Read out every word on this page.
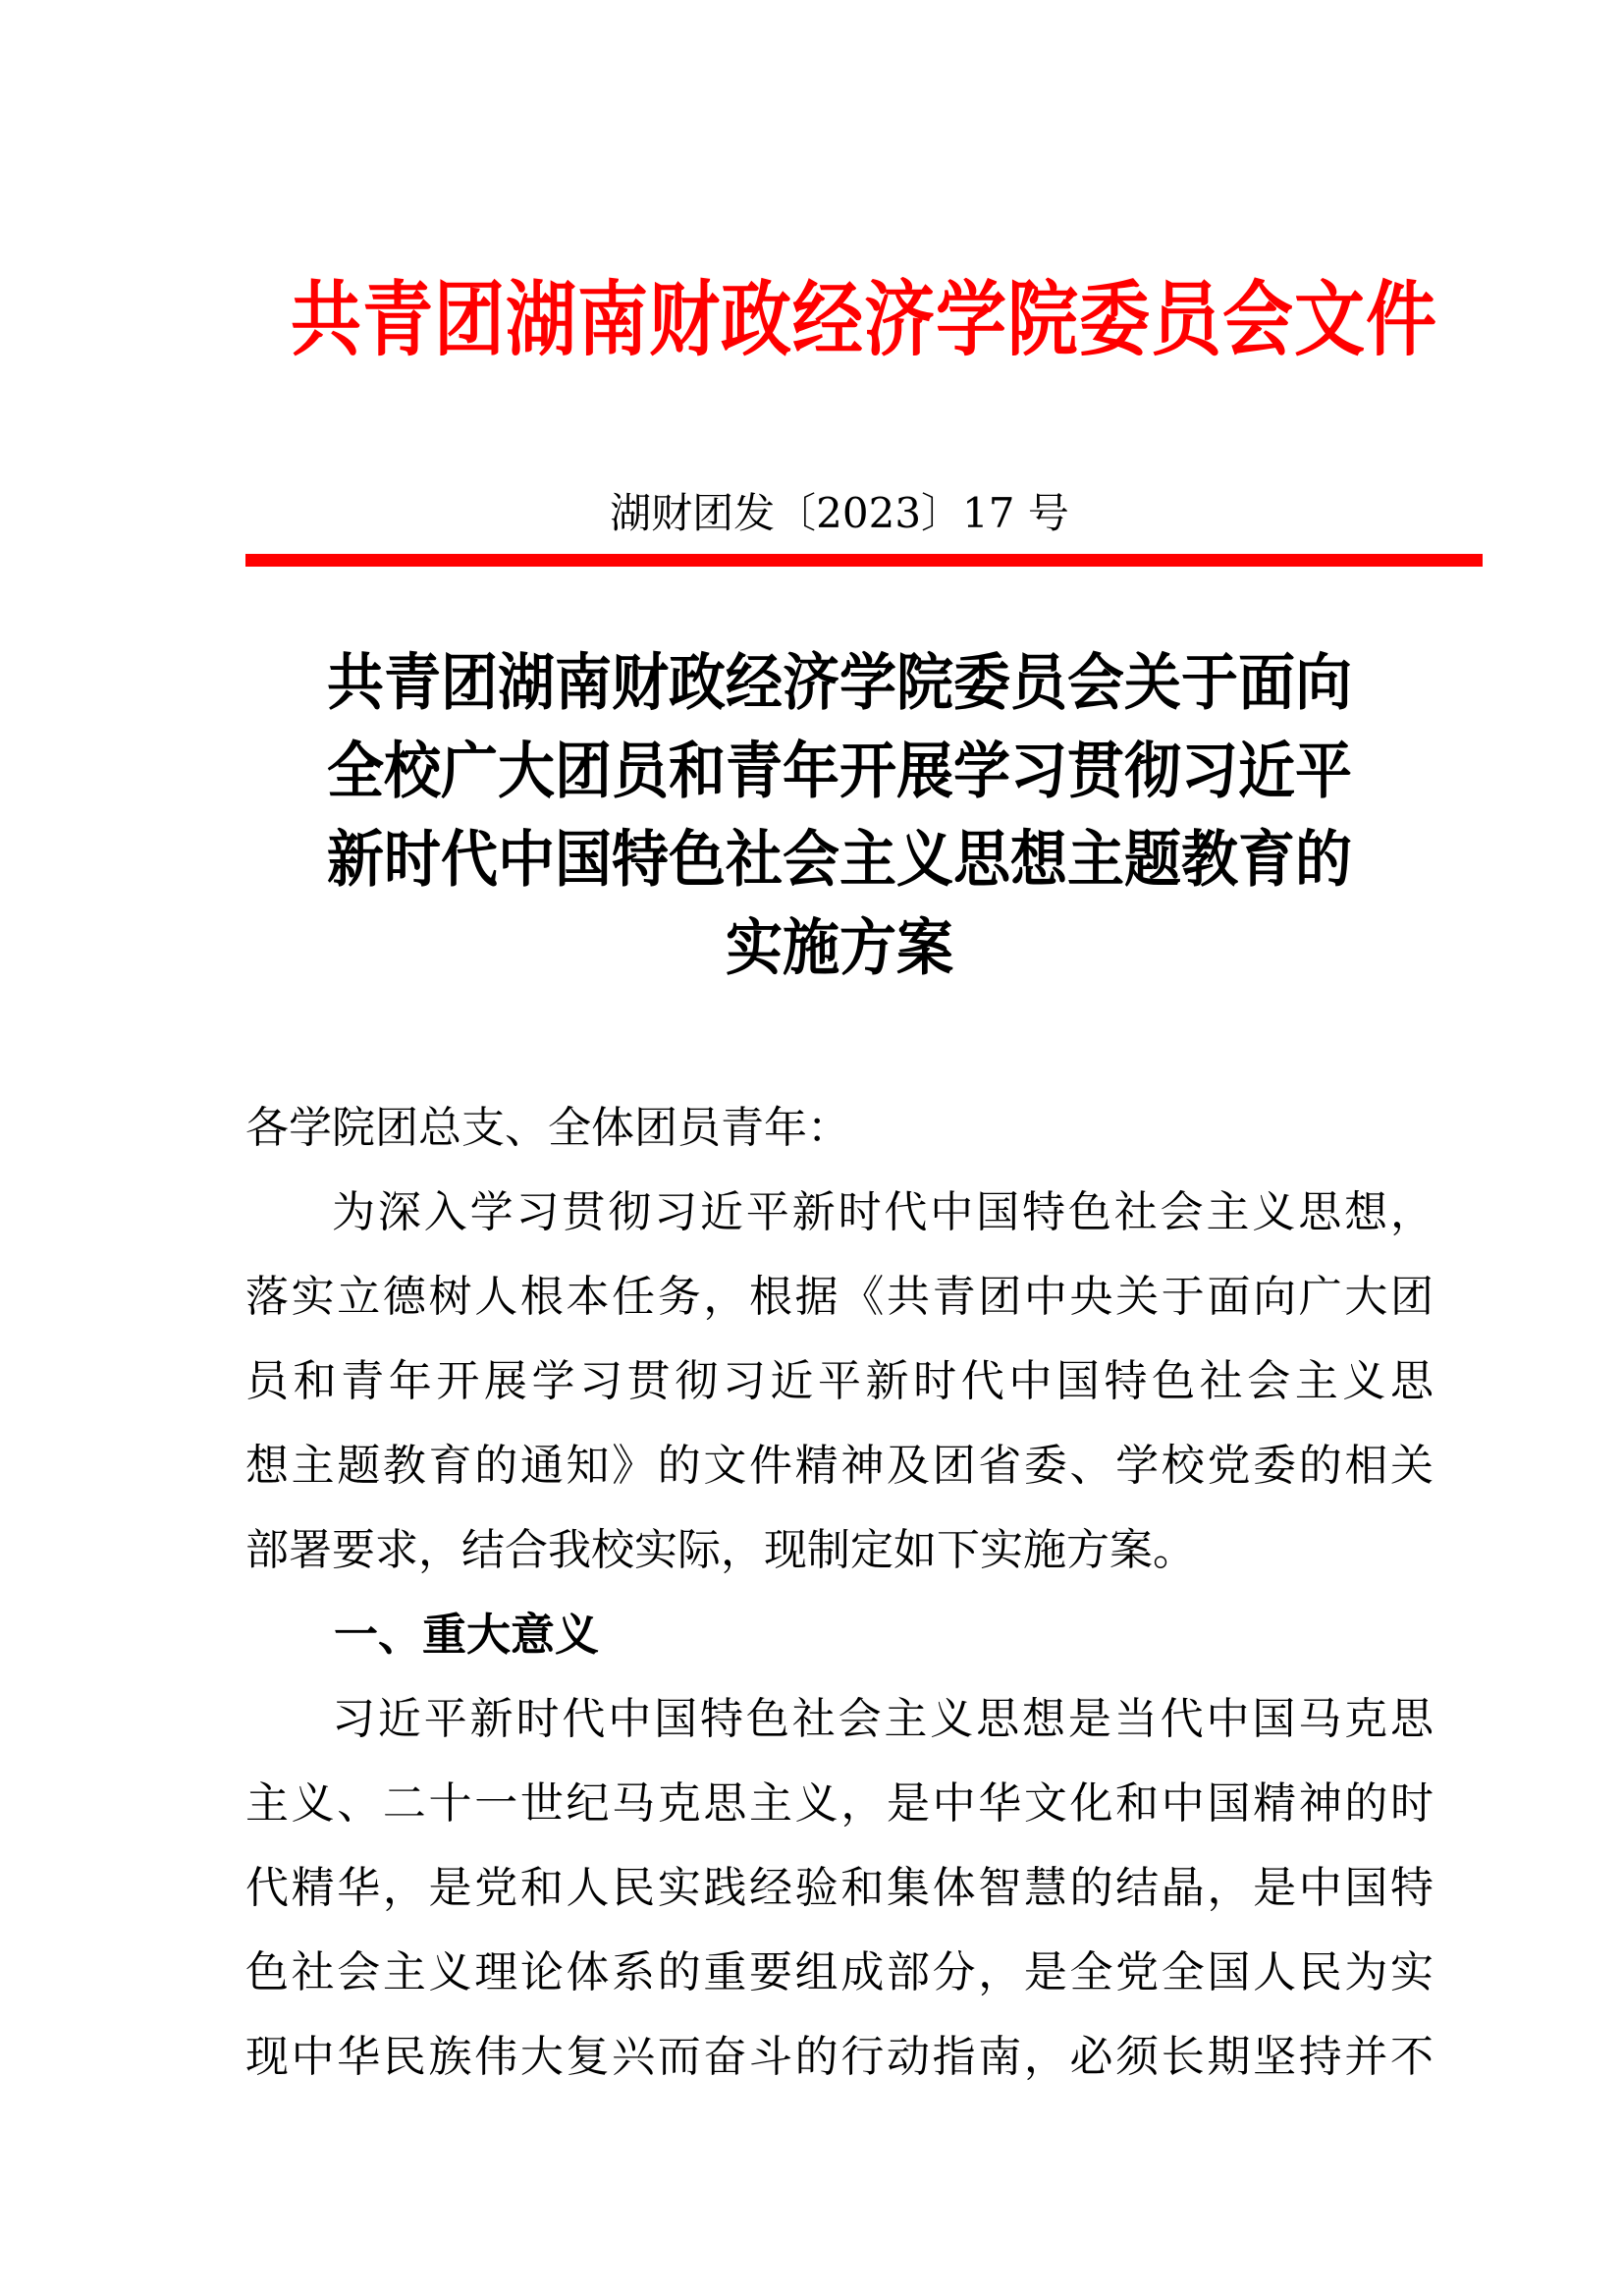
共青团湖南财政经济学院委员会文件
湖财团发〔2023〕17 号
共青团湖南财政经济学院委员会关于面向
全校广大团员和青年开展学习贯彻习近平
新时代中国特色社会主义思想主题教育的
实施方案
各学院团总支、全体团员青年：
为深入学习贯彻习近平新时代中国特色社会主义思想，
落实立德树人根本任务，根据《共青团中央关于面向广大团
员和青年开展学习贯彻习近平新时代中国特色社会主义思
想主题教育的通知》的文件精神及团省委、学校党委的相关
部署要求，结合我校实际，现制定如下实施方案。
一、重大意义
习近平新时代中国特色社会主义思想是当代中国马克思
主义、二十一世纪马克思主义，是中华文化和中国精神的时
代精华，是党和人民实践经验和集体智慧的结晶，是中国特
色社会主义理论体系的重要组成部分，是全党全国人民为实
现中华民族伟大复兴而奋斗的行动指南，必须长期坚持并不
